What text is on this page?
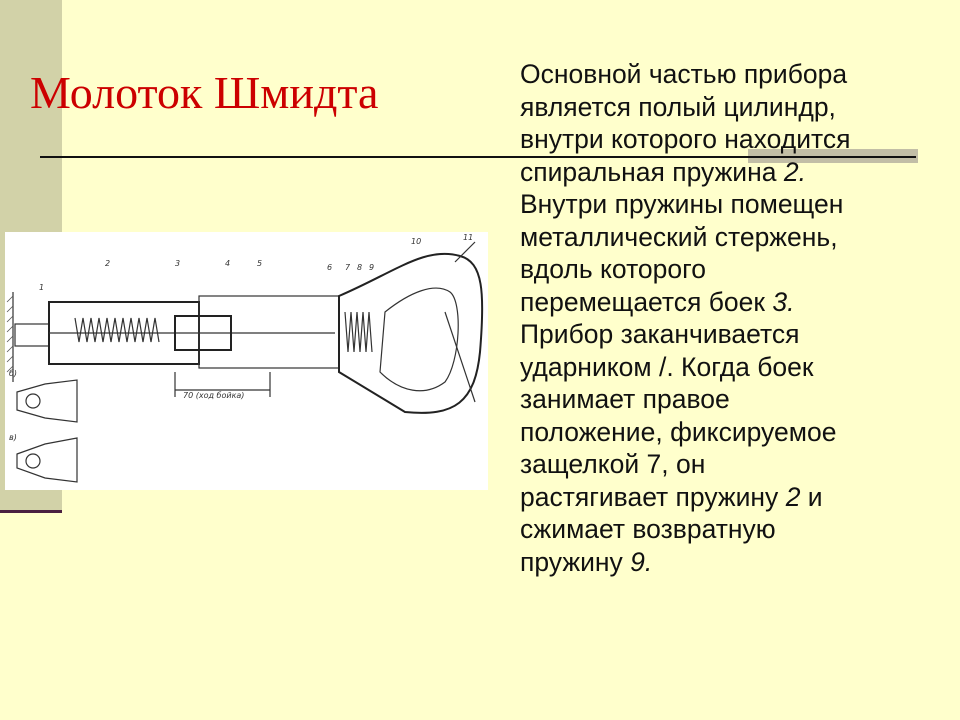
Молоток Шмидта
70 (ход бойка)
1
2	3	4	5	6 7 8 9
10	11
б)
в)

Основной частью прибора

является полый цилиндр,

внутри которого находится

спиральная пружина 2.

Внутри пружины помещен

металлический стержень,

вдоль которого

перемещается боек 3.

Прибор заканчивается

ударником /. Когда боек

занимает правое

положение, фиксируемое

защелкой 7, он

растягивает пружину 2 и

сжимает возвратную

пружину 9.
